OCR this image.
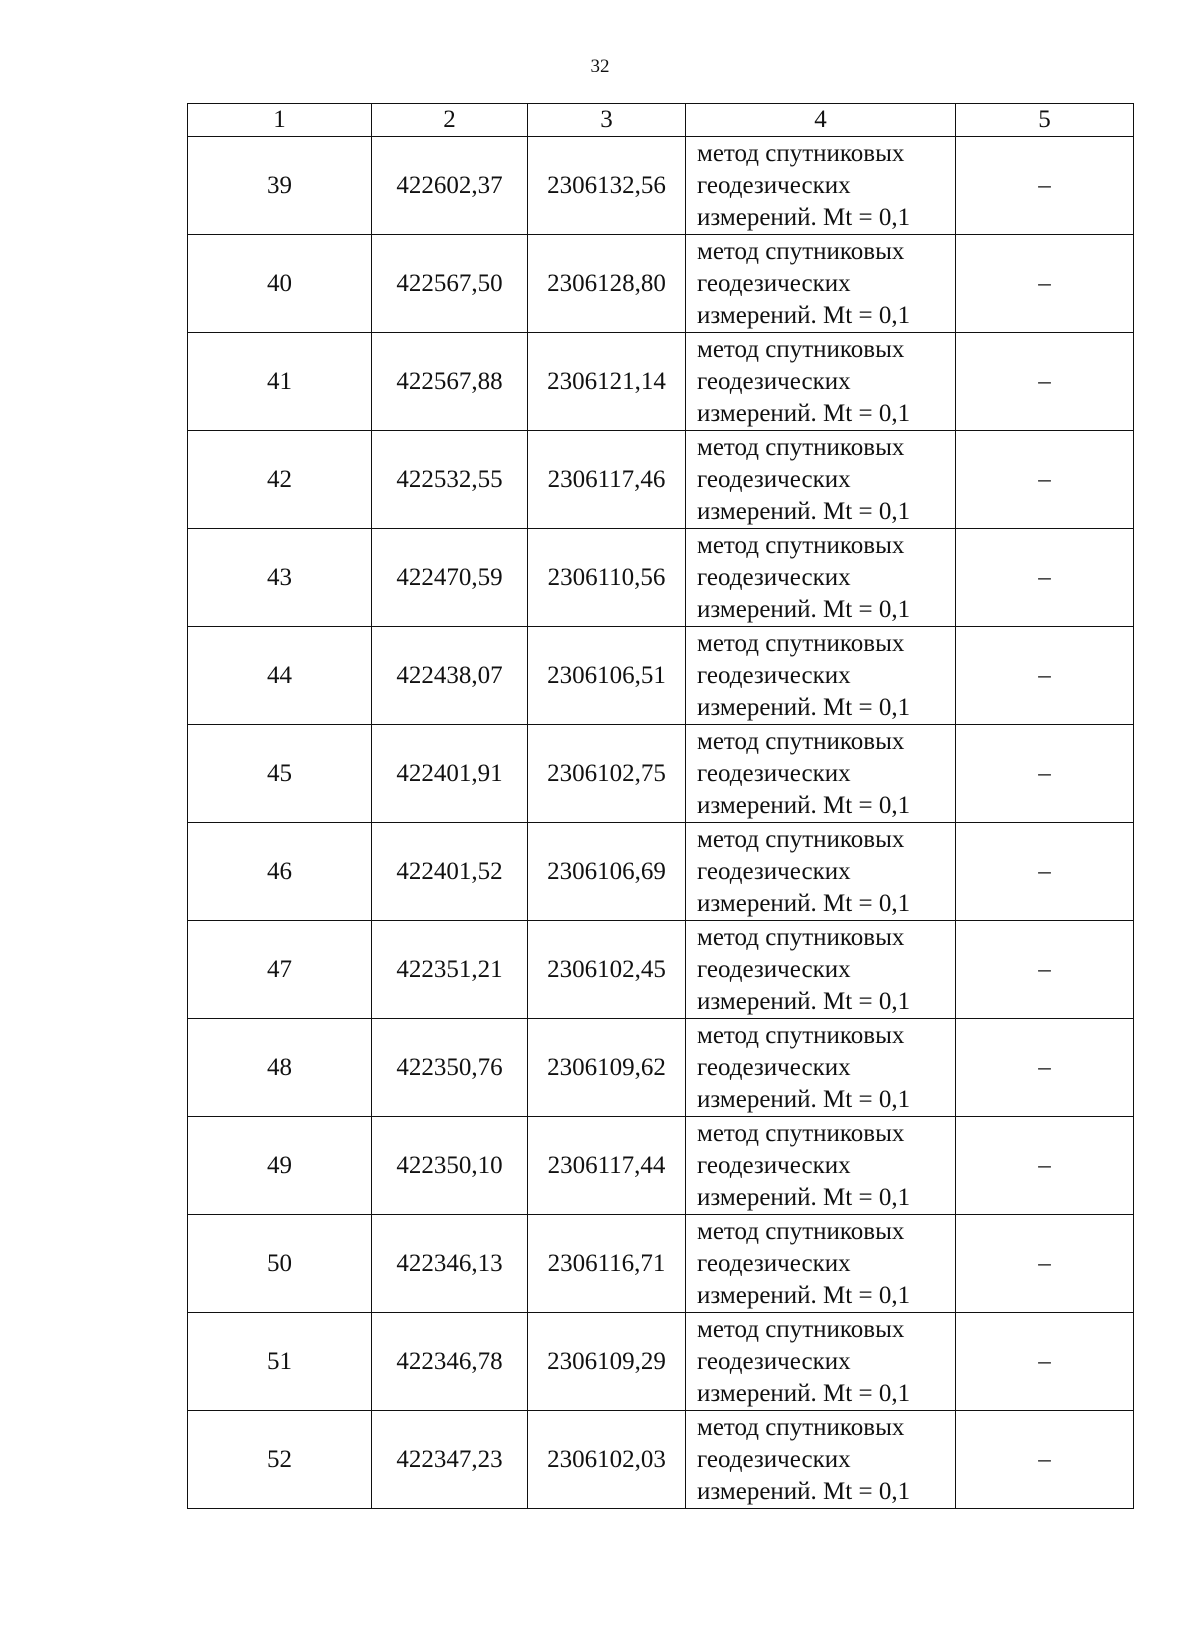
32
1	2	3	4	5
39	422602,37	2306132,56	метод спутниковых
геодезических
измерений. Mt = 0,1	–
40	422567,50	2306128,80	метод спутниковых
геодезических
измерений. Mt = 0,1	–
41	422567,88	2306121,14	метод спутниковых
геодезических
измерений. Mt = 0,1	–
42	422532,55	2306117,46	метод спутниковых
геодезических
измерений. Mt = 0,1	–
43	422470,59	2306110,56	метод спутниковых
геодезических
измерений. Mt = 0,1	–
44	422438,07	2306106,51	метод спутниковых
геодезических
измерений. Mt = 0,1	–
45	422401,91	2306102,75	метод спутниковых
геодезических
измерений. Mt = 0,1	–
46	422401,52	2306106,69	метод спутниковых
геодезических
измерений. Mt = 0,1	–
47	422351,21	2306102,45	метод спутниковых
геодезических
измерений. Mt = 0,1	–
48	422350,76	2306109,62	метод спутниковых
геодезических
измерений. Mt = 0,1	–
49	422350,10	2306117,44	метод спутниковых
геодезических
измерений. Mt = 0,1	–
50	422346,13	2306116,71	метод спутниковых
геодезических
измерений. Mt = 0,1	–
51	422346,78	2306109,29	метод спутниковых
геодезических
измерений. Mt = 0,1	–
52	422347,23	2306102,03	метод спутниковых
геодезических
измерений. Mt = 0,1	–
